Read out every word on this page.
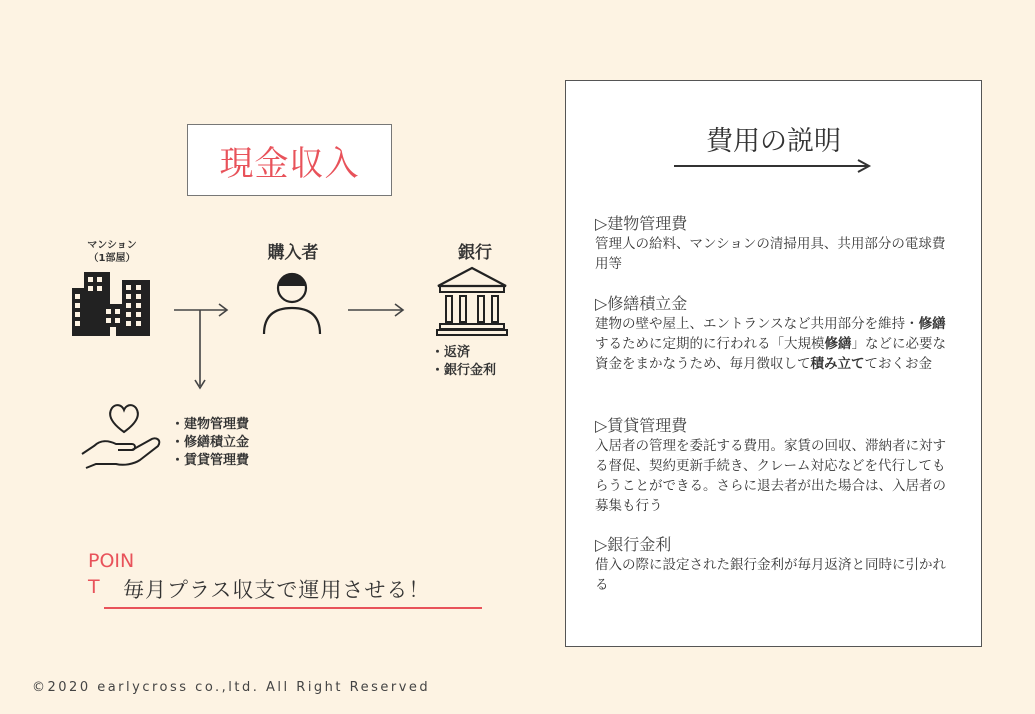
現金収入
マンション
（1部屋）	購入者	銀行
・ 返済
・ 銀行金利
・ 建物管理費
・ 修繕積立金
・ 賃貸管理費
POIN
T	毎月プラス収支で運用させる！
©2020 earlycross co.,ltd. All Right Reserved
費用の説明
▷建物管理費
管理人の給料、マンションの清掃用具、共用部分の電球費用等
▷修繕積立金
建物の壁や屋上、エントランスなど共用部分を維持・修繕するために定期的に行われる「大規模修繕」などに必要な資金をまかなうため、毎月徴収して積み立てておくお金
▷賃貸管理費
入居者の管理を委託する費用。家賃の回収、滞納者に対する督促、契約更新手続き、クレーム対応などを代行してもらうことができる。さらに退去者が出た場合は、入居者の募集も行う
▷銀行金利
借入の際に設定された銀行金利が毎月返済と同時に引かれる
